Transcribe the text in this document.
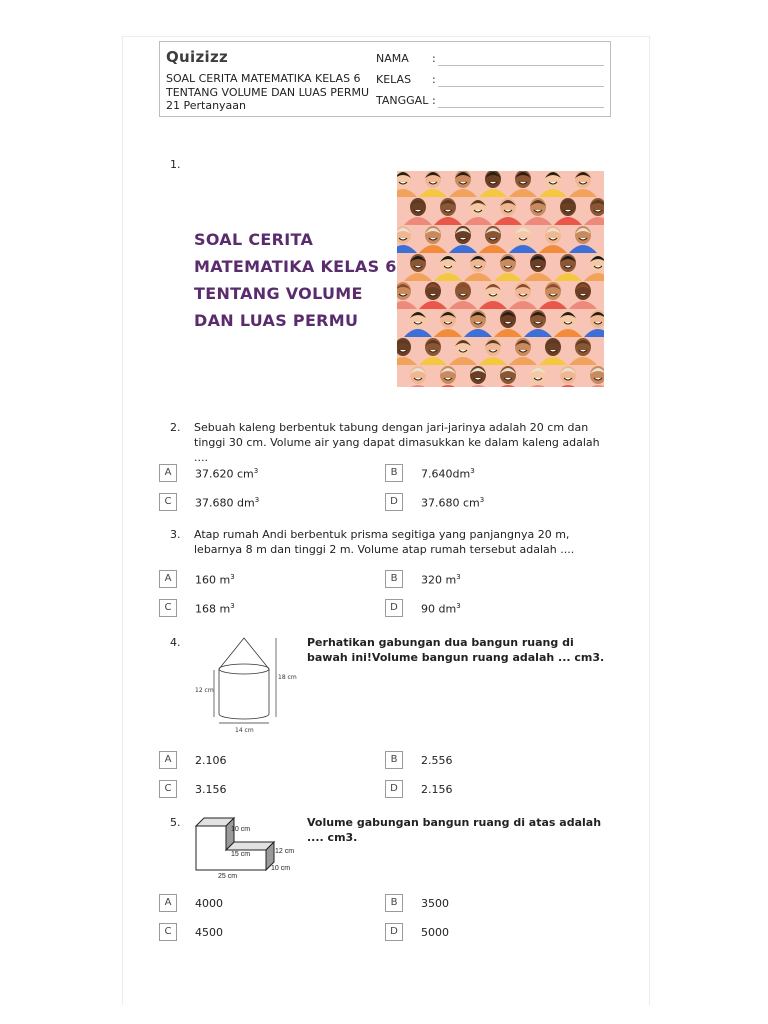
Quizizz
SOAL CERITA MATEMATIKA KELAS 6 TENTANG VOLUME DAN LUAS PERMU
21 Pertanyaan
NAMA :
KELAS :
TANGGAL :
1.
SOAL CERITA
MATEMATIKA KELAS 6
TENTANG VOLUME
DAN LUAS PERMU
2. Sebuah kaleng berbentuk tabung dengan jari-jarinya adalah 20 cm dan tinggi 30 cm. Volume air yang dapat dimasukkan ke dalam kaleng adalah ....
A	37.620 $cm^3$	B	$7.640dm^3$
C	37.680 $dm^3$	D	37.680 $cm^3$
3. Atap rumah Andi berbentuk prisma segitiga yang panjangnya 20 m, lebarnya 8 m dan tinggi 2 m. Volume atap rumah tersebut adalah ....
A	160 $m^3$	B	320 $m^3$
C	168 $m^3$	D	90 $dm^3$
4.	Perhatikan gabungan dua bangun ruang di bawah ini!Volume bangun ruang adalah ... cm3.
12 cm
18 cm
14 cm
A	2.106	B	2.556
C	3.156	D	2.156
5.	Volume gabungan bangun ruang di atas adalah .... cm3.
10 cm
15 cm
25 cm
12 cm
10 cm
A	4000	B	3500
C	4500	D	5000
